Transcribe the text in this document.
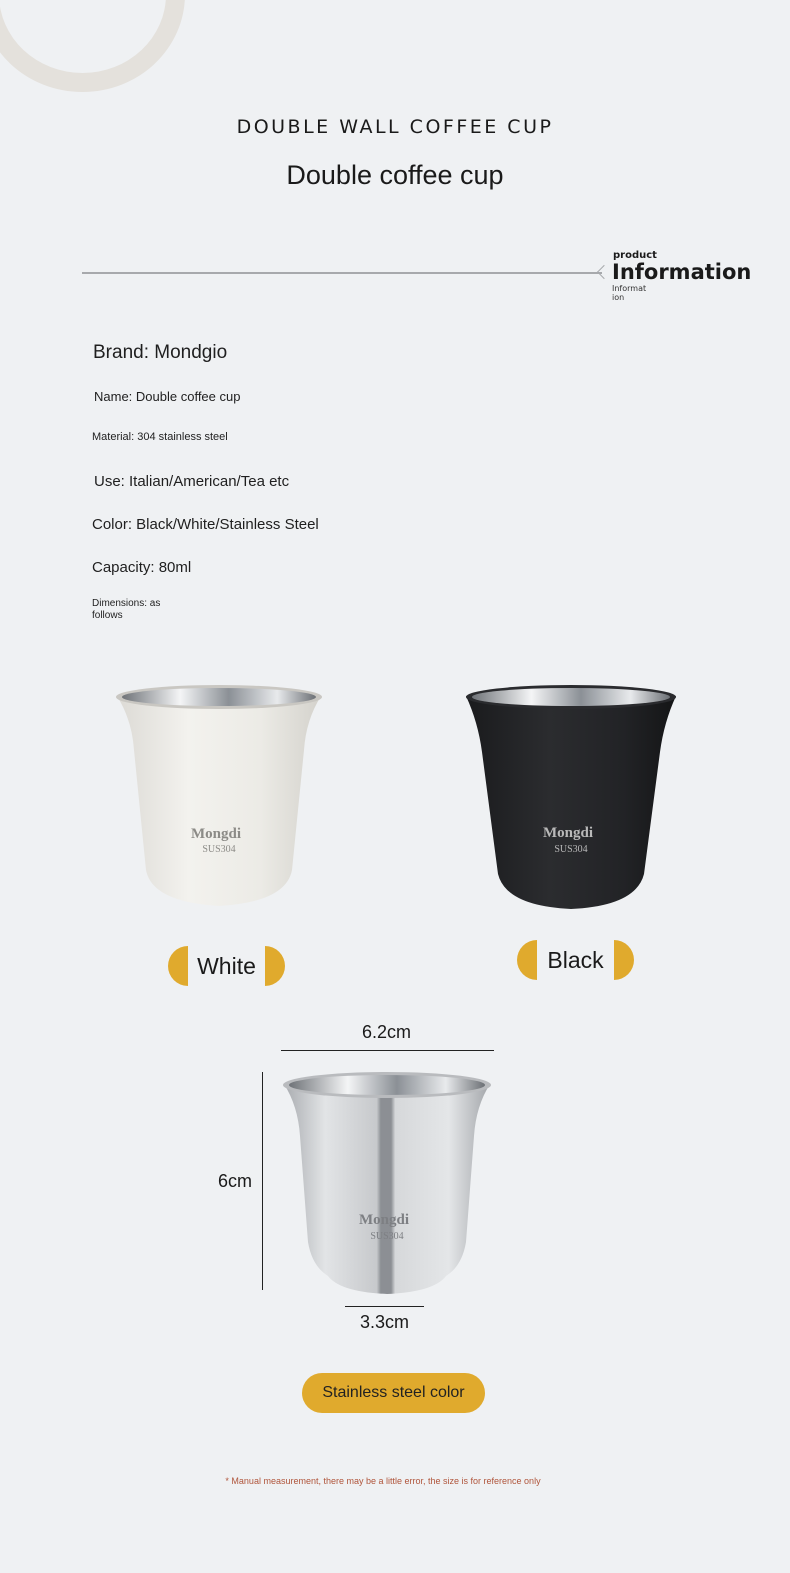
DOUBLE WALL COFFEE CUP
Double coffee cup
product
Information
Informat ion
Brand: Mondgio
Name: Double coffee cup
Material: 304 stainless steel
Use: Italian/American/Tea etc
Color: Black/White/Stainless Steel
Capacity: 80ml
Dimensions: as follows
Mongdi
SUS304
Mongdi
SUS304
White	Black
6.2cm
6cm
Mongdi
SUS304
3.3cm
Stainless steel color
* Manual measurement, there may be a little error, the size is for reference only
